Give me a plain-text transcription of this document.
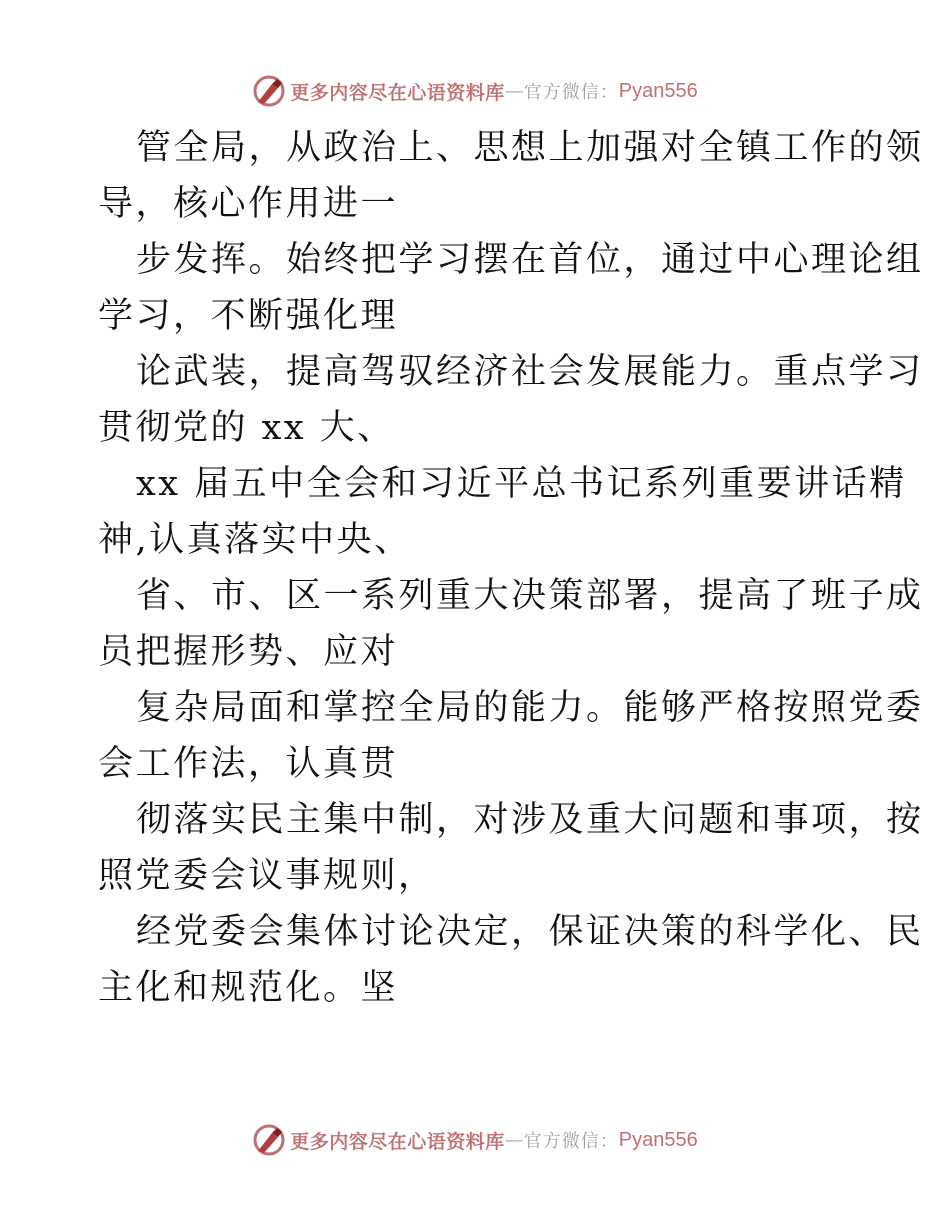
更多内容尽在心语资料库 — 官方微信： Pyan556
管全局，从政治上、思想上加强对全镇工作的领
导，核心作用进一
步发挥。始终把学习摆在首位，通过中心理论组
学习，不断强化理
论武装，提高驾驭经济社会发展能力。重点学习
贯彻党的 xx 大、
xx 届五中全会和习近平总书记系列重要讲话精
神,认真落实中央、
省、市、区一系列重大决策部署，提高了班子成
员把握形势、应对
复杂局面和掌控全局的能力。能够严格按照党委
会工作法，认真贯
彻落实民主集中制，对涉及重大问题和事项，按
照党委会议事规则，
经党委会集体讨论决定，保证决策的科学化、民
主化和规范化。坚
更多内容尽在心语资料库 — 官方微信： Pyan556
